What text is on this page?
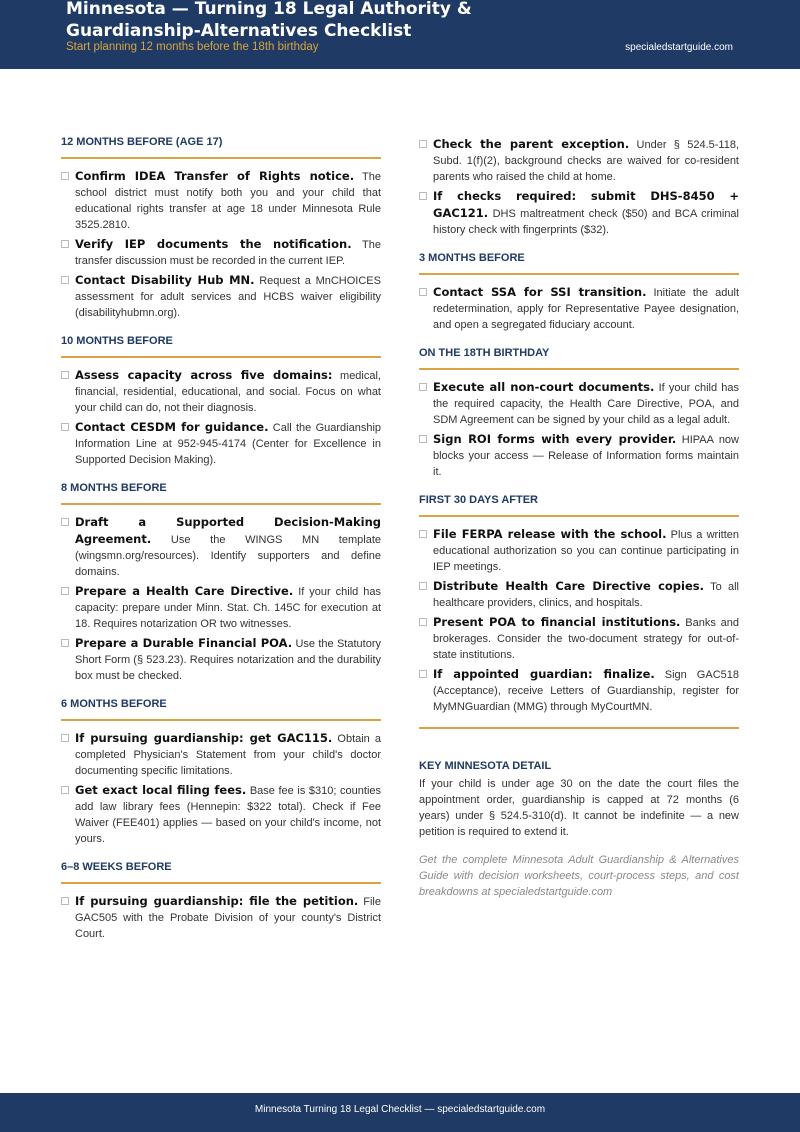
Minnesota — Turning 18 Legal Authority & Guardianship-Alternatives Checklist
Start planning 12 months before the 18th birthday	specialedstartguide.com
12 MONTHS BEFORE (AGE 17)
Confirm IDEA Transfer of Rights notice. The school district must notify both you and your child that educational rights transfer at age 18 under Minnesota Rule 3525.2810.
Verify IEP documents the notification. The transfer discussion must be recorded in the current IEP.
Contact Disability Hub MN. Request a MnCHOICES assessment for adult services and HCBS waiver eligibility (disabilityhubmn.org).
10 MONTHS BEFORE
Assess capacity across five domains: medical, financial, residential, educational, and social. Focus on what your child can do, not their diagnosis.
Contact CESDM for guidance. Call the Guardianship Information Line at 952-945-4174 (Center for Excellence in Supported Decision Making).
8 MONTHS BEFORE
Draft a Supported Decision-Making Agreement. Use the WINGS MN template (wingsmn.org/resources). Identify supporters and define domains.
Prepare a Health Care Directive. If your child has capacity: prepare under Minn. Stat. Ch. 145C for execution at 18. Requires notarization OR two witnesses.
Prepare a Durable Financial POA. Use the Statutory Short Form (§ 523.23). Requires notarization and the durability box must be checked.
6 MONTHS BEFORE
If pursuing guardianship: get GAC115. Obtain a completed Physician's Statement from your child's doctor documenting specific limitations.
Get exact local filing fees. Base fee is $310; counties add law library fees (Hennepin: $322 total). Check if Fee Waiver (FEE401) applies — based on your child's income, not yours.
6–8 WEEKS BEFORE
If pursuing guardianship: file the petition. File GAC505 with the Probate Division of your county's District Court.
Check the parent exception. Under § 524.5-118, Subd. 1(f)(2), background checks are waived for co-resident parents who raised the child at home.
If checks required: submit DHS-8450 + GAC121. DHS maltreatment check ($50) and BCA criminal history check with fingerprints ($32).
3 MONTHS BEFORE
Contact SSA for SSI transition. Initiate the adult redetermination, apply for Representative Payee designation, and open a segregated fiduciary account.
ON THE 18TH BIRTHDAY
Execute all non-court documents. If your child has the required capacity, the Health Care Directive, POA, and SDM Agreement can be signed by your child as a legal adult.
Sign ROI forms with every provider. HIPAA now blocks your access — Release of Information forms maintain it.
FIRST 30 DAYS AFTER
File FERPA release with the school. Plus a written educational authorization so you can continue participating in IEP meetings.
Distribute Health Care Directive copies. To all healthcare providers, clinics, and hospitals.
Present POA to financial institutions. Banks and brokerages. Consider the two-document strategy for out-of-state institutions.
If appointed guardian: finalize. Sign GAC518 (Acceptance), receive Letters of Guardianship, register for MyMNGuardian (MMG) through MyCourtMN.
KEY MINNESOTA DETAIL
If your child is under age 30 on the date the court files the appointment order, guardianship is capped at 72 months (6 years) under § 524.5-310(d). It cannot be indefinite — a new petition is required to extend it.
Get the complete Minnesota Adult Guardianship & Alternatives Guide with decision worksheets, court-process steps, and cost breakdowns at specialedstartguide.com
Minnesota Turning 18 Legal Checklist — specialedstartguide.com
